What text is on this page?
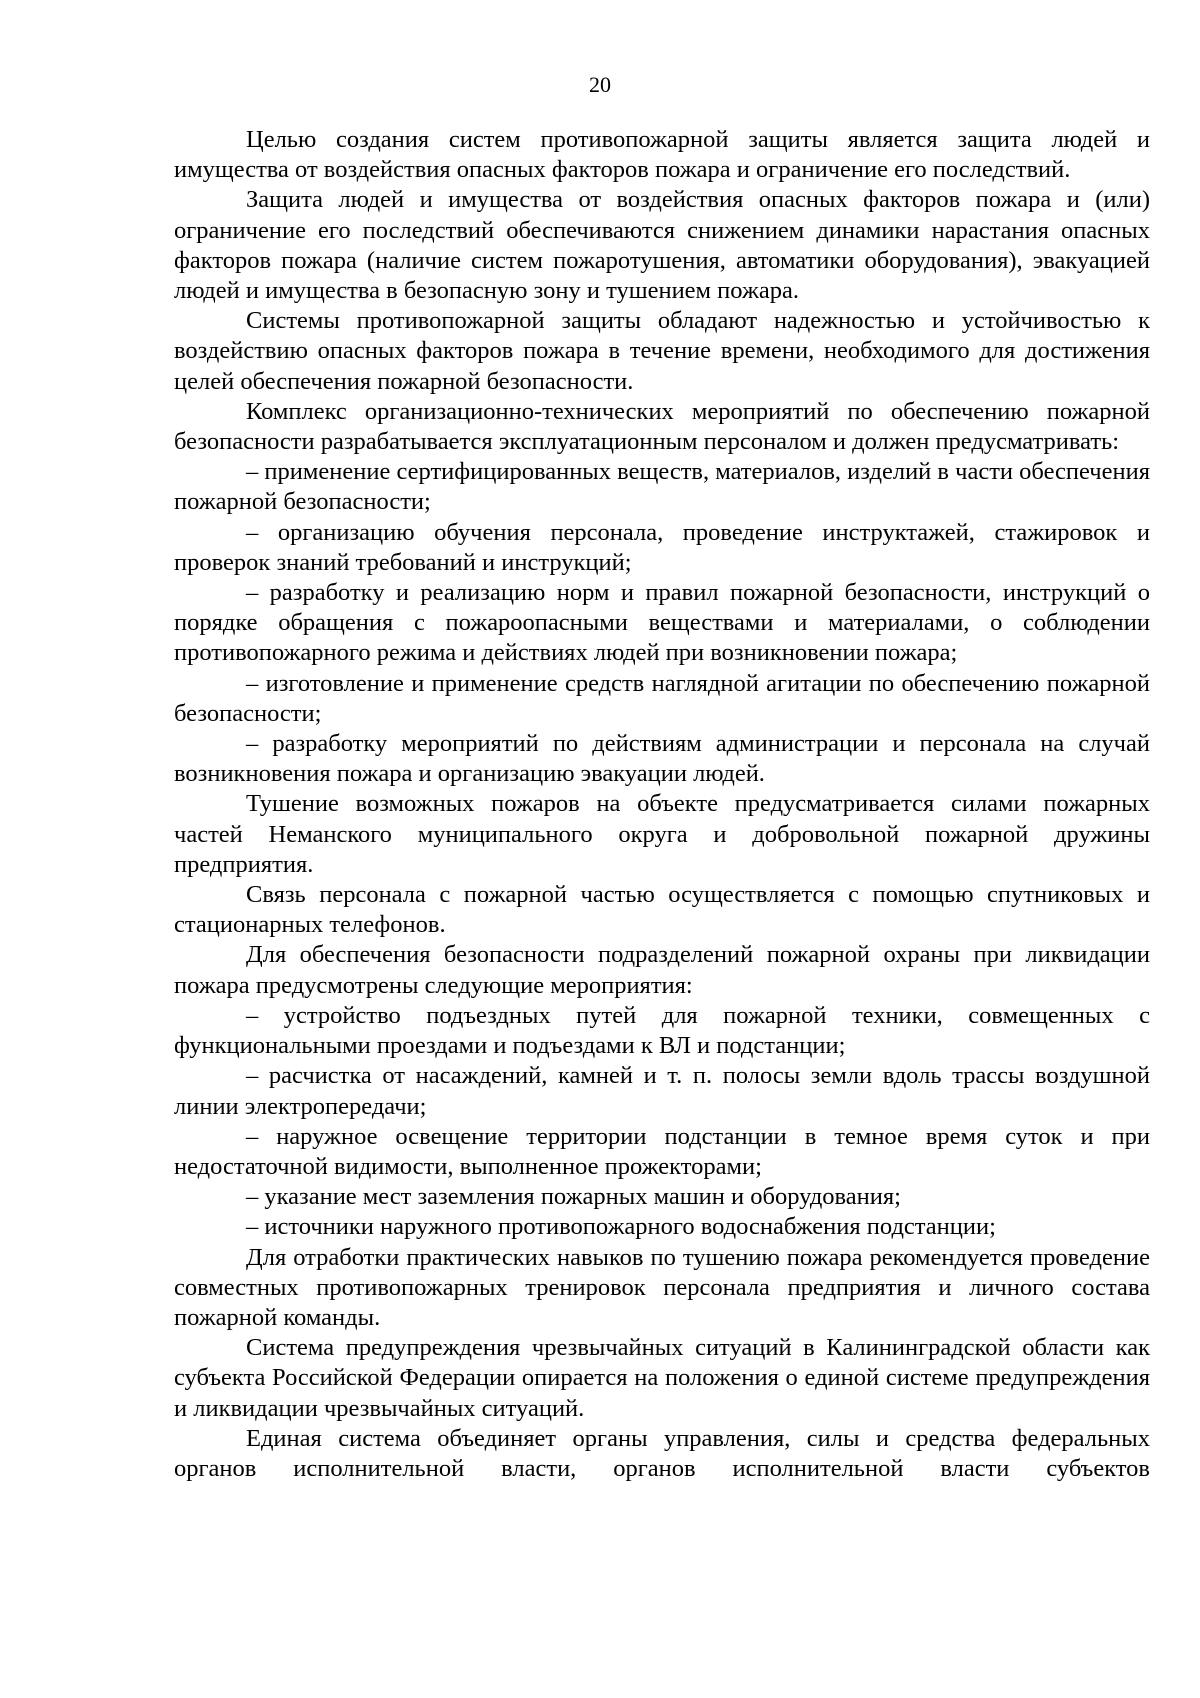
20

Целью создания систем противопожарной защиты является защита людей и имущества от воздействия опасных факторов пожара и ограничение его последствий.

Защита людей и имущества от воздействия опасных факторов пожара и (или) ограничение его последствий обеспечиваются снижением динамики нарастания опасных факторов пожара (наличие систем пожаротушения, автоматики оборудования), эвакуацией людей и имущества в безопасную зону и тушением пожара.

Системы противопожарной защиты обладают надежностью и устойчивостью к воздействию опасных факторов пожара в течение времени, необходимого для достижения целей обеспечения пожарной безопасности.

Комплекс организационно-технических мероприятий по обеспечению пожарной безопасности разрабатывается эксплуатационным персоналом и должен предусматривать:

– применение сертифицированных веществ, материалов, изделий в части обеспечения пожарной безопасности;

– организацию обучения персонала, проведение инструктажей, стажировок и проверок знаний требований и инструкций;

– разработку и реализацию норм и правил пожарной безопасности, инструкций о порядке обращения с пожароопасными веществами и материалами, о соблюдении противопожарного режима и действиях людей при возникновении пожара;

– изготовление и применение средств наглядной агитации по обеспечению пожарной безопасности;

– разработку мероприятий по действиям администрации и персонала на случай возникновения пожара и организацию эвакуации людей.

Тушение возможных пожаров на объекте предусматривается силами пожарных частей Неманского муниципального округа и добровольной пожарной дружины предприятия.

Связь персонала с пожарной частью осуществляется с помощью спутниковых и стационарных телефонов.

Для обеспечения безопасности подразделений пожарной охраны при ликвидации пожара предусмотрены следующие мероприятия:

– устройство подъездных путей для пожарной техники, совмещенных с функциональными проездами и подъездами к ВЛ и подстанции;

– расчистка от насаждений, камней и т. п. полосы земли вдоль трассы воздушной линии электропередачи;

– наружное освещение территории подстанции в темное время суток и при недостаточной видимости, выполненное прожекторами;

– указание мест заземления пожарных машин и оборудования;

– источники наружного противопожарного водоснабжения подстанции;

Для отработки практических навыков по тушению пожара рекомендуется проведение совместных противопожарных тренировок персонала предприятия и личного состава пожарной команды.

Система предупреждения чрезвычайных ситуаций в Калининградской области как субъекта Российской Федерации опирается на положения о единой системе предупреждения и ликвидации чрезвычайных ситуаций.

Единая система объединяет органы управления, силы и средства федеральных органов исполнительной власти, органов исполнительной власти субъектов
